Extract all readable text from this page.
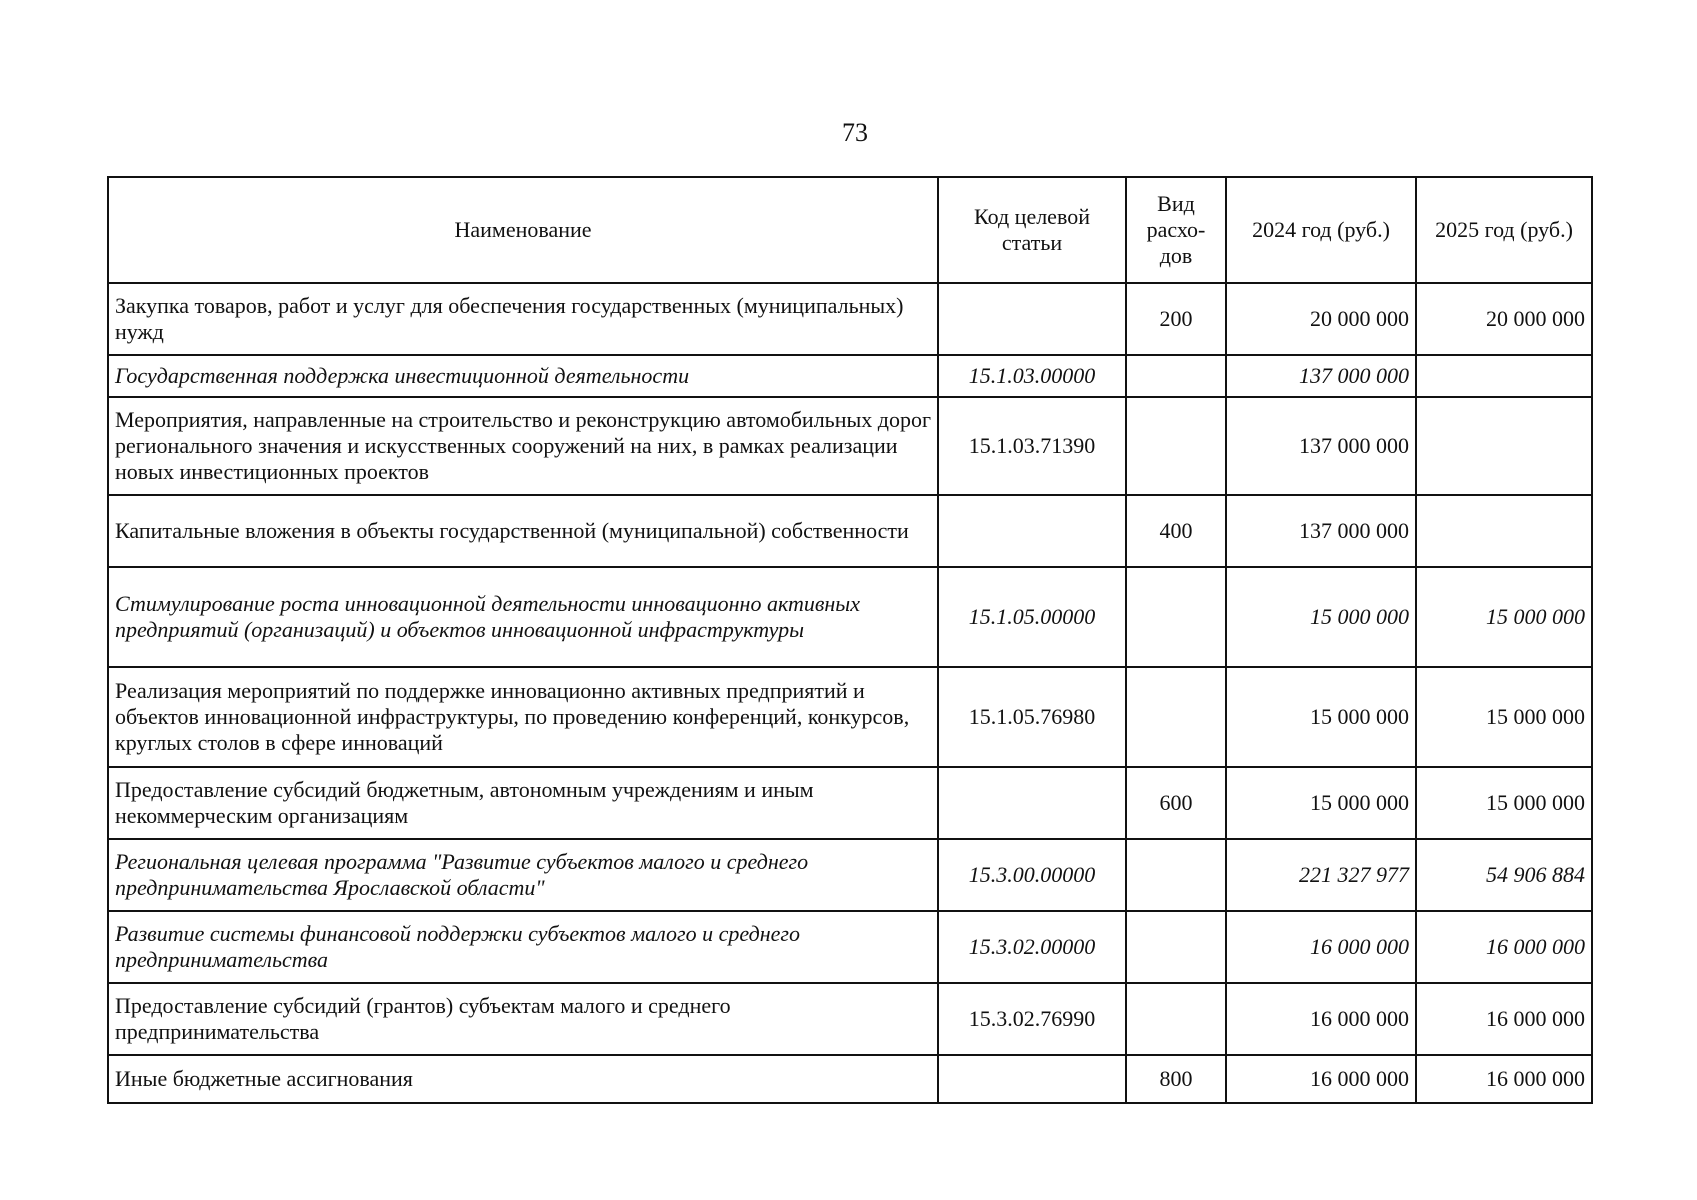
73
Наименование	Код целевой статьи	Вид расхо-дов	2024 год (руб.)	2025 год (руб.)
Закупка товаров, работ и услуг для обеспечения государственных (муниципальных) нужд		200	20 000 000	20 000 000
Государственная поддержка инвестиционной деятельности	15.1.03.00000		137 000 000	
Мероприятия, направленные на строительство и реконструкцию автомобильных дорог регионального значения и искусственных сооружений на них, в рамках реализации новых инвестиционных проектов	15.1.03.71390		137 000 000	
Капитальные вложения в объекты государственной (муниципальной) собственности		400	137 000 000	
Стимулирование роста инновационной деятельности инновационно активных предприятий (организаций) и объектов инновационной инфраструктуры	15.1.05.00000		15 000 000	15 000 000
Реализация мероприятий по поддержке инновационно активных предприятий и объектов инновационной инфраструктуры, по проведению конференций, конкурсов, круглых столов в сфере инноваций	15.1.05.76980		15 000 000	15 000 000
Предоставление субсидий бюджетным, автономным учреждениям и иным некоммерческим организациям		600	15 000 000	15 000 000
Региональная целевая программа "Развитие субъектов малого и среднего предпринимательства Ярославской области"	15.3.00.00000		221 327 977	54 906 884
Развитие системы финансовой поддержки субъектов малого и среднего предпринимательства	15.3.02.00000		16 000 000	16 000 000
Предоставление субсидий (грантов) субъектам малого и среднего предпринимательства	15.3.02.76990		16 000 000	16 000 000
Иные бюджетные ассигнования		800	16 000 000	16 000 000
